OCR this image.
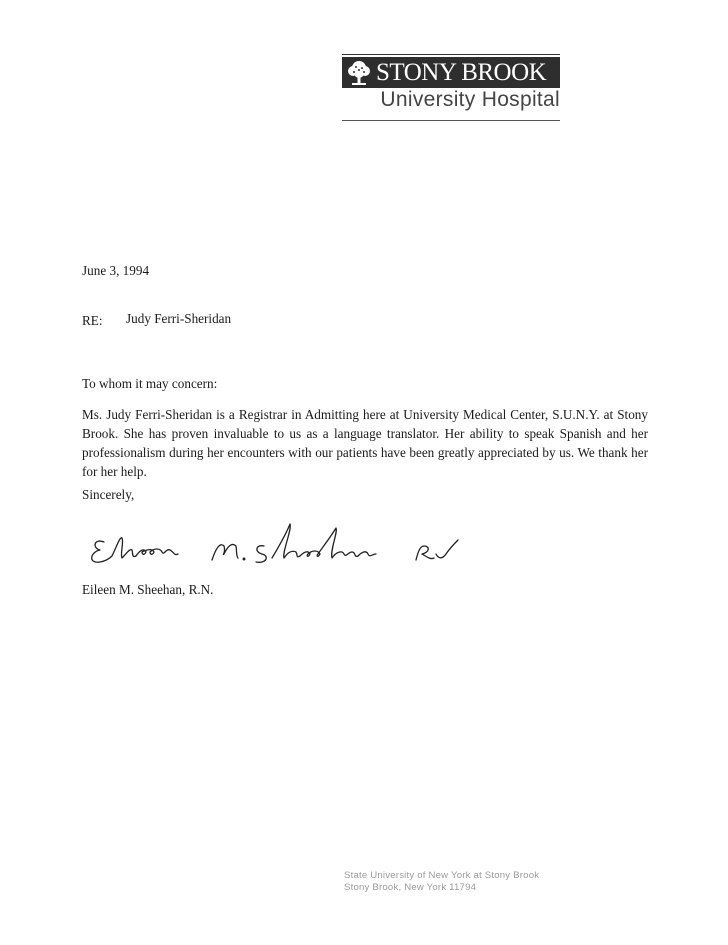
STONY BROOK
University Hospital
June 3, 1994
RE: Judy Ferri-Sheridan
To whom it may concern:
Ms. Judy Ferri-Sheridan is a Registrar in Admitting here at University Medical Center, S.U.N.Y. at Stony Brook. She has proven invaluable to us as a language translator. Her ability to speak Spanish and her professionalism during her encounters with our patients have been greatly appreciated by us. We thank her for her help.
Sincerely,
Eileen M. Sheehan, R.N.
State University of New York at Stony Brook
Stony Brook, New York 11794
